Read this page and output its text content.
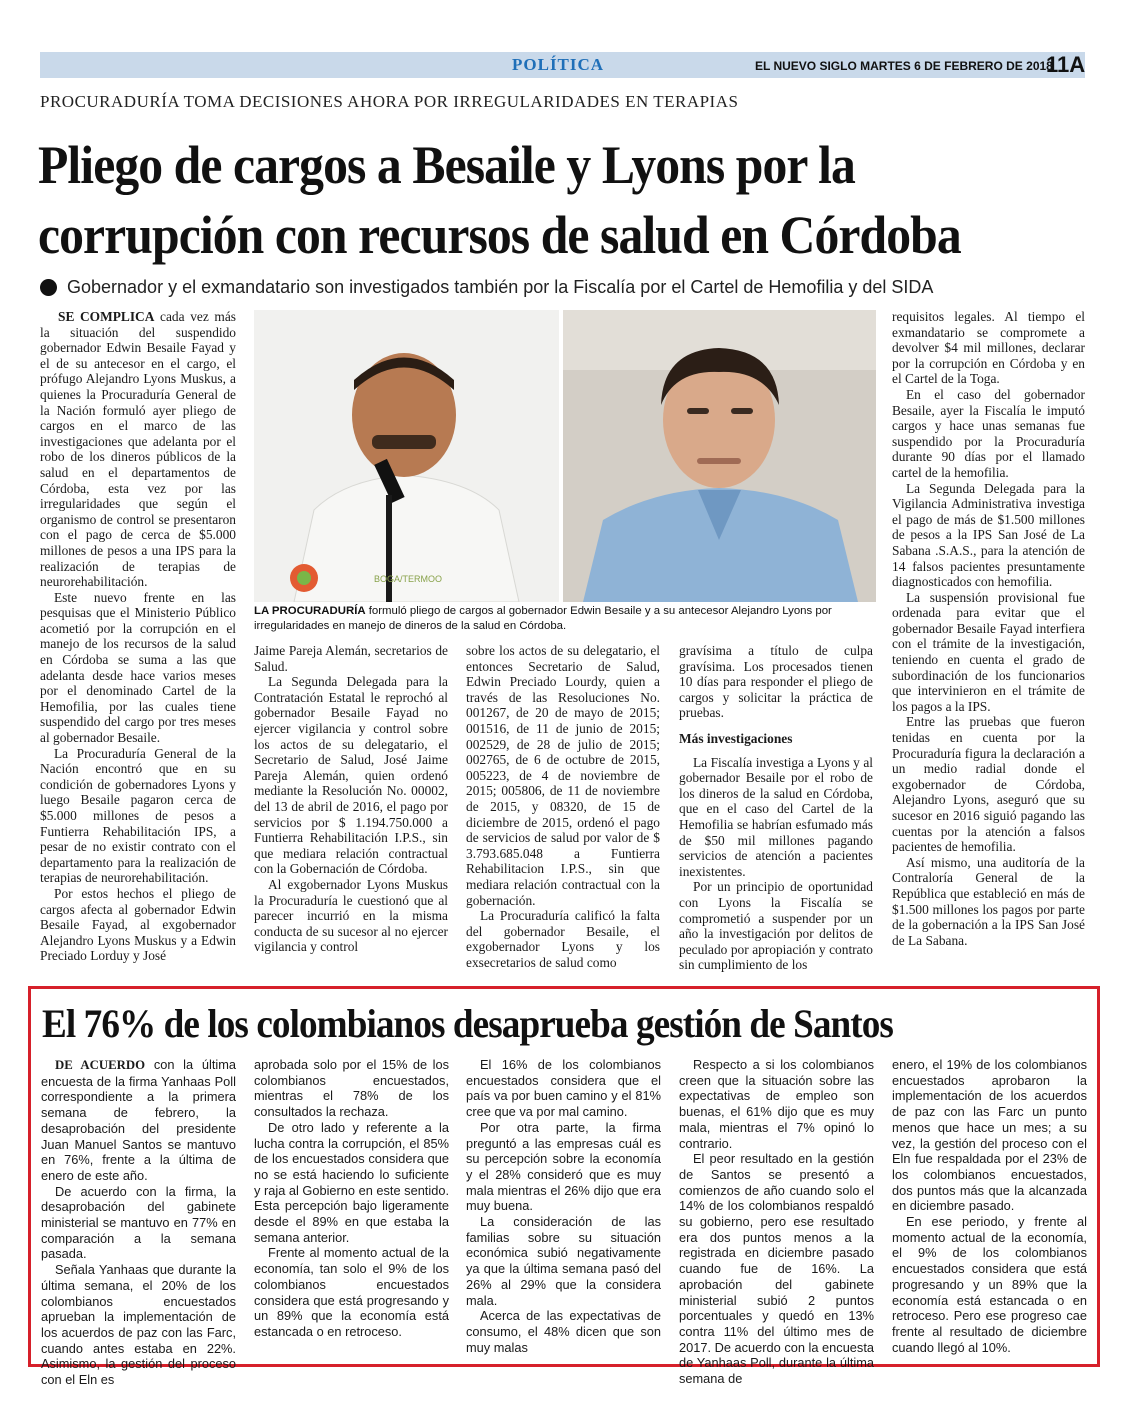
POLÍTICA	EL NUEVO SIGLO MARTES 6 DE FEBRERO DE 2018
11A
PROCURADURÍA TOMA DECISIONES AHORA POR IRREGULARIDADES EN TERAPIAS
Pliego de cargos a Besaile y Lyons por la
corrupción con recursos de salud en Córdoba
Gobernador y el exmandatario son investigados también por la Fiscalía por el Cartel de Hemofilia y del SIDA

SE COMPLICA cada vez más la situación del suspendido gobernador Edwin Besaile Fayad y el de su antecesor en el cargo, el prófugo Alejandro Lyons Muskus, a quienes la Procuraduría General de la Nación formuló ayer pliego de cargos en el marco de las investigaciones que adelanta por el robo de los dineros públicos de la salud en el departamentos de Córdoba, esta vez por las irregularidades que según el organismo de control se presentaron con el pago de cerca de $5.000 millones de pesos a una IPS para la realización de terapias de neurorehabilitación.

Este nuevo frente en las pesquisas que el Ministerio Público acometió por la corrupción en el manejo de los recursos de la salud en Córdoba se suma a las que adelanta desde hace varios meses por el denominado Cartel de la Hemofilia, por las cuales tiene suspendido del cargo por tres meses al gobernador Besaile.

La Procuraduría General de la Nación encontró que en su condición de gobernadores Lyons y luego Besaile pagaron cerca de $5.000 millones de pesos a Funtierra Rehabilitación IPS, a pesar de no existir contrato con el departamento para la realización de terapias de neurorehabilitación.

Por estos hechos el pliego de cargos afecta al gobernador Edwin Besaile Fayad, al exgobernador Alejandro Lyons Muskus y a Edwin Preciado Lorduy y José

BOGA/TERMOO
LA PROCURADURÍA formuló pliego de cargos al gobernador Edwin Besaile y a su antecesor Alejandro Lyons por irregularidades en manejo de dineros de la salud en Córdoba.

Jaime Pareja Alemán, secretarios de Salud.

La Segunda Delegada para la Contratación Estatal le reprochó al gobernador Besaile Fayad no ejercer vigilancia y control sobre los actos de su delegatario, el Secretario de Salud, José Jaime Pareja Alemán, quien ordenó mediante la Resolución No. 00002, del 13 de abril de 2016, el pago por servicios por $ 1.194.750.000 a Funtierra Rehabilitación I.P.S., sin que mediara relación contractual con la Gobernación de Córdoba.

Al exgobernador Lyons Muskus la Procuraduría le cuestionó que al parecer incurrió en la misma conducta de su sucesor al no ejercer vigilancia y control

sobre los actos de su delegatario, el entonces Secretario de Salud, Edwin Preciado Lourdy, quien a través de las Resoluciones No. 001267, de 20 de mayo de 2015; 001516, de 11 de junio de 2015; 002529, de 28 de julio de 2015; 002765, de 6 de octubre de 2015, 005223, de 4 de noviembre de 2015; 005806, de 11 de noviembre de 2015, y 08320, de 15 de diciembre de 2015, ordenó el pago de servicios de salud por valor de $ 3.793.685.048 a Funtierra Rehabilitacion I.P.S., sin que mediara relación contractual con la gobernación.

La Procuraduría calificó la falta del gobernador Besaile, el exgobernador Lyons y los exsecretarios de salud como

gravísima a título de culpa gravísima. Los procesados tienen 10 días para responder el pliego de cargos y solicitar la práctica de pruebas.

Más investigaciones

La Fiscalía investiga a Lyons y al gobernador Besaile por el robo de los dineros de la salud en Córdoba, que en el caso del Cartel de la Hemofilia se habrían esfumado más de $50 mil millones pagando servicios de atención a pacientes inexistentes.

Por un principio de oportunidad con Lyons la Fiscalía se comprometió a suspender por un año la investigación por delitos de peculado por apropiación y contrato sin cumplimiento de los

requisitos legales. Al tiempo el exmandatario se compromete a devolver $4 mil millones, declarar por la corrupción en Córdoba y en el Cartel de la Toga.

En el caso del gobernador Besaile, ayer la Fiscalía le imputó cargos y hace unas semanas fue suspendido por la Procuraduría durante 90 días por el llamado cartel de la hemofilia.

La Segunda Delegada para la Vigilancia Administrativa investiga el pago de más de $1.500 millones de pesos a la IPS San José de La Sabana .S.A.S., para la atención de 14 falsos pacientes presuntamente diagnosticados con hemofilia.

La suspensión provisional fue ordenada para evitar que el gobernador Besaile Fayad interfiera con el trámite de la investigación, teniendo en cuenta el grado de subordinación de los funcionarios que intervinieron en el trámite de los pagos a la IPS.

Entre las pruebas que fueron tenidas en cuenta por la Procuraduría figura la declaración a un medio radial donde el exgobernador de Córdoba, Alejandro Lyons, aseguró que su sucesor en 2016 siguió pagando las cuentas por la atención a falsos pacientes de hemofilia.

Así mismo, una auditoría de la Contraloría General de la República que estableció en más de $1.500 millones los pagos por parte de la gobernación a la IPS San José de La Sabana.

El 76% de los colombianos desaprueba gestión de Santos

DE ACUERDO con la última encuesta de la firma Yanhaas Poll correspondiente a la primera semana de febrero, la desaprobación del presidente Juan Manuel Santos se mantuvo en 76%, frente a la última de enero de este año.

De acuerdo con la firma, la desaprobación del gabinete ministerial se mantuvo en 77% en comparación a la semana pasada.

Señala Yanhaas que durante la última semana, el 20% de los colombianos encuestados aprueban la implementación de los acuerdos de paz con las Farc, cuando antes estaba en 22%. Asimismo, la gestión del proceso con el Eln es

aprobada solo por el 15% de los colombianos encuestados, mientras el 78% de los consultados la rechaza.

De otro lado y referente a la lucha contra la corrupción, el 85% de los encuestados considera que no se está haciendo lo suficiente y raja al Gobierno en este sentido. Esta percepción bajo ligeramente desde el 89% en que estaba la semana anterior.

Frente al momento actual de la economía, tan solo el 9% de los colombianos encuestados considera que está progresando y un 89% que la economía está estancada o en retroceso.

El 16% de los colombianos encuestados considera que el país va por buen camino y el 81% cree que va por mal camino.

Por otra parte, la firma preguntó a las empresas cuál es su percepción sobre la economía y el 28% consideró que es muy mala mientras el 26% dijo que era muy buena.

La consideración de las familias sobre su situación económica subió negativamente ya que la última semana pasó del 26% al 29% que la considera mala.

Acerca de las expectativas de consumo, el 48% dicen que son muy malas

Respecto a si los colombianos creen que la situación sobre las expectativas de empleo son buenas, el 61% dijo que es muy mala, mientras el 7% opinó lo contrario.

El peor resultado en la gestión de Santos se presentó a comienzos de año cuando solo el 14% de los colombianos respaldó su gobierno, pero ese resultado era dos puntos menos a la registrada en diciembre pasado cuando fue de 16%. La aprobación del gabinete ministerial subió 2 puntos porcentuales y quedó en 13% contra 11% del último mes de 2017. De acuerdo con la encuesta de Yanhaas Poll, durante la última semana de

enero, el 19% de los colombianos encuestados aprobaron la implementación de los acuerdos de paz con las Farc un punto menos que hace un mes; a su vez, la gestión del proceso con el Eln fue respaldada por el 23% de los colombianos encuestados, dos puntos más que la alcanzada en diciembre pasado.

En ese periodo, y frente al momento actual de la economía, el 9% de los colombianos encuestados considera que está progresando y un 89% que la economía está estancada o en retroceso. Pero ese progreso cae frente al resultado de diciembre cuando llegó al 10%.
